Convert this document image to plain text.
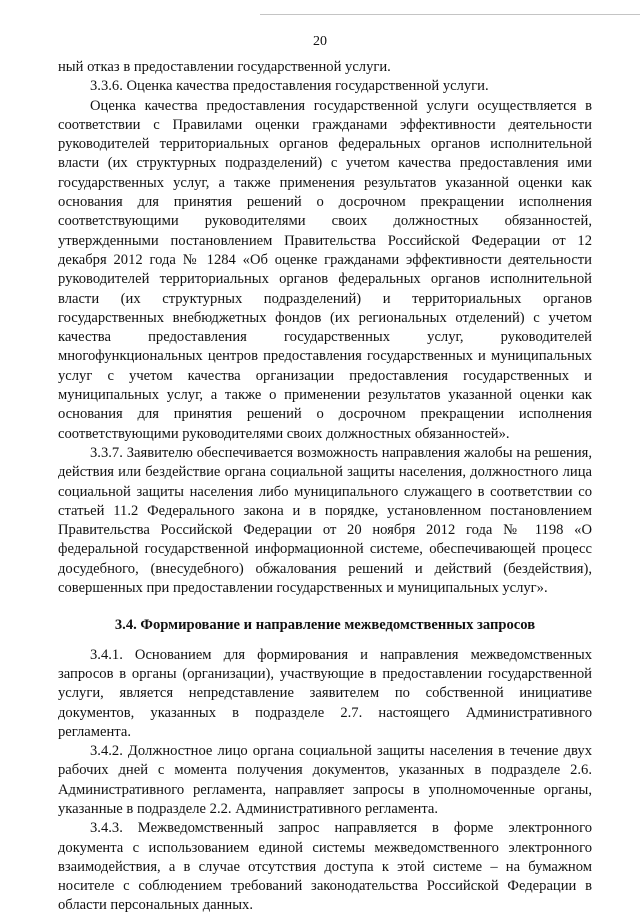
20

ный отказ в предоставлении государственной услуги.

3.3.6. Оценка качества предоставления государственной услуги.

Оценка качества предоставления государственной услуги осуществляется в соответствии с Правилами оценки гражданами эффективности деятельности руководителей территориальных органов федеральных органов исполнительной власти (их структурных подразделений) с учетом качества предоставления ими государственных услуг, а также применения результатов указанной оценки как основания для принятия решений о досрочном прекращении исполнения соответствующими руководителями своих должностных обязанностей, утвержденными постановлением Правительства Российской Федерации от 12 декабря 2012 года № 1284 «Об оценке гражданами эффективности деятельности руководителей территориальных органов федеральных органов исполнительной власти (их структурных подразделений) и территориальных органов государственных внебюджетных фондов (их региональных отделений) с учетом качества предоставления государственных услуг, руководителей многофункциональных центров предоставления государственных и муниципальных услуг с учетом качества организации предоставления государственных и муниципальных услуг, а также о применении результатов указанной оценки как основания для принятия решений о досрочном прекращении исполнения соответствующими руководителями своих должностных обязанностей».

3.3.7. Заявителю обеспечивается возможность направления жалобы на решения, действия или бездействие органа социальной защиты населения, должностного лица социальной защиты населения либо муниципального служащего в соответствии со статьей 11.2 Федерального закона и в порядке, установленном постановлением Правительства Российской Федерации от 20 ноября 2012 года № 1198 «О федеральной государственной информационной системе, обеспечивающей процесс досудебного, (внесудебного) обжалования решений и действий (бездействия), совершенных при предоставлении государственных и муниципальных услуг».

3.4. Формирование и направление межведомственных запросов

3.4.1. Основанием для формирования и направления межведомственных запросов в органы (организации), участвующие в предоставлении государственной услуги, является непредставление заявителем по собственной инициативе документов, указанных в подразделе 2.7. настоящего Административного регламента.

3.4.2. Должностное лицо органа социальной защиты населения в течение двух рабочих дней с момента получения документов, указанных в подразделе 2.6. Административного регламента, направляет запросы в уполномоченные органы, указанные в подразделе 2.2. Административного регламента.

3.4.3. Межведомственный запрос направляется в форме электронного документа с использованием единой системы межведомственного электронного взаимодействия, а в случае отсутствия доступа к этой системе – на бумажном носителе с соблюдением требований законодательства Российской Федерации в области персональных данных.
